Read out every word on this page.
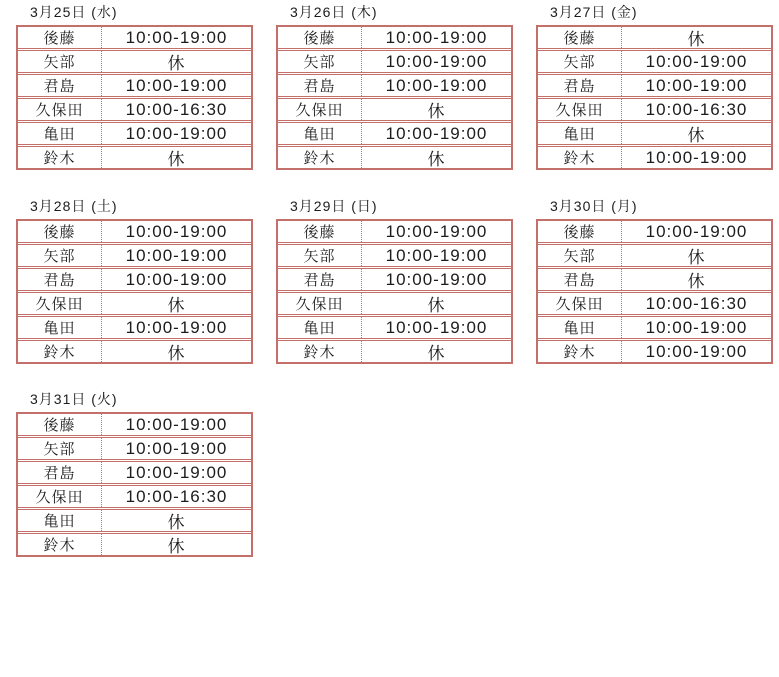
3月25日 (水)
後藤	10:00-19:00
矢部	休
君島	10:00-19:00
久保田	10:00-16:30
亀田	10:00-19:00
鈴木	休
3月26日 (木)
後藤	10:00-19:00
矢部	10:00-19:00
君島	10:00-19:00
久保田	休
亀田	10:00-19:00
鈴木	休
3月27日 (金)
後藤	休
矢部	10:00-19:00
君島	10:00-19:00
久保田	10:00-16:30
亀田	休
鈴木	10:00-19:00
3月28日 (土)
後藤	10:00-19:00
矢部	10:00-19:00
君島	10:00-19:00
久保田	休
亀田	10:00-19:00
鈴木	休
3月29日 (日)
後藤	10:00-19:00
矢部	10:00-19:00
君島	10:00-19:00
久保田	休
亀田	10:00-19:00
鈴木	休
3月30日 (月)
後藤	10:00-19:00
矢部	休
君島	休
久保田	10:00-16:30
亀田	10:00-19:00
鈴木	10:00-19:00
3月31日 (火)
後藤	10:00-19:00
矢部	10:00-19:00
君島	10:00-19:00
久保田	10:00-16:30
亀田	休
鈴木	休
